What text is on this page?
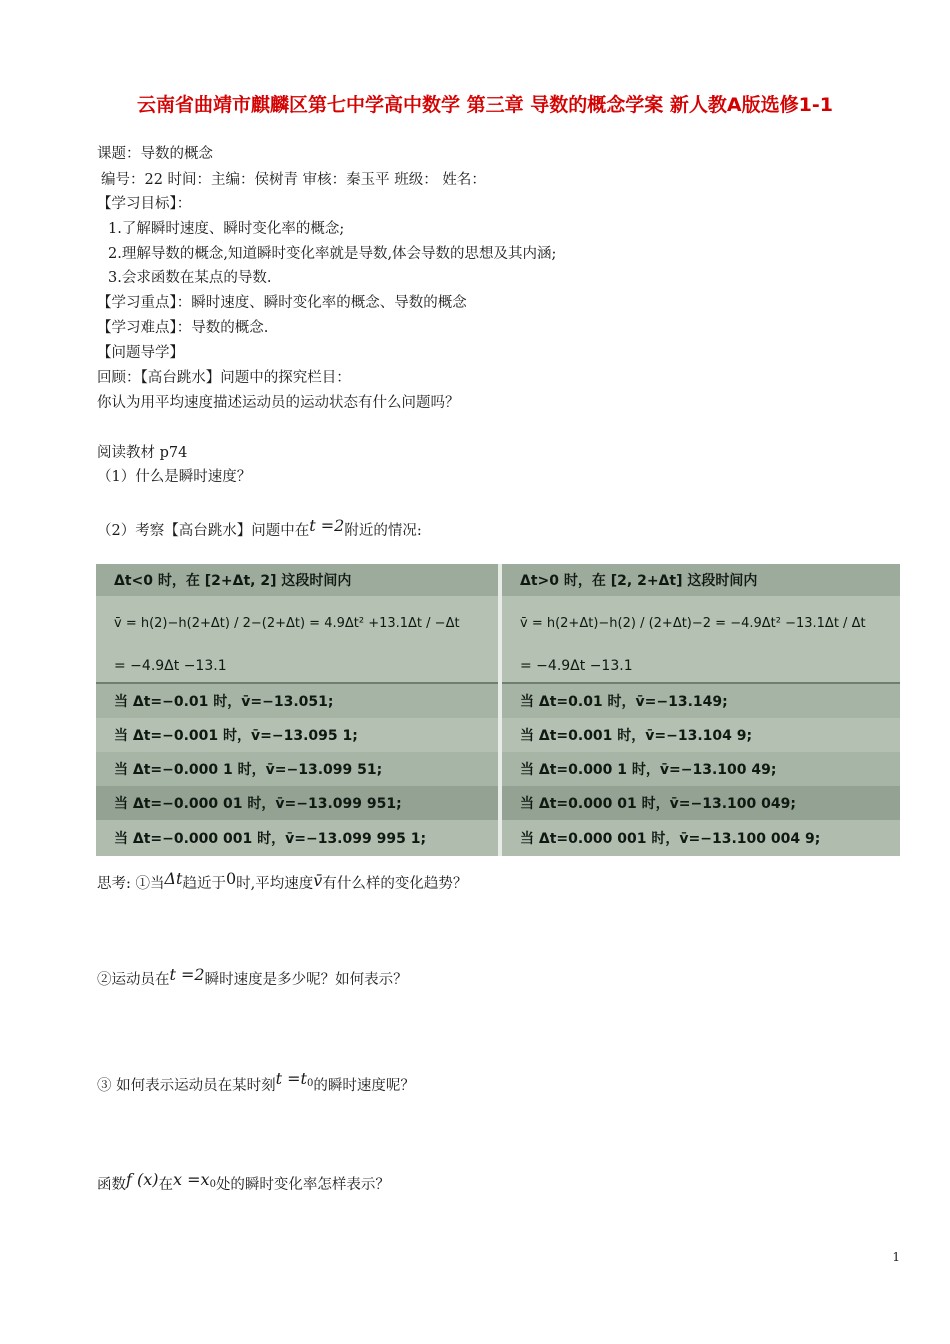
云南省曲靖市麒麟区第七中学高中数学 第三章 导数的概念学案 新人教A版选修1-1
课题：导数的概念
编号：22 时间：主编：侯树青 审核：秦玉平 班级： 姓名：
【学习目标】：
1.了解瞬时速度、瞬时变化率的概念;
2.理解导数的概念,知道瞬时变化率就是导数,体会导数的思想及其内涵;
3.会求函数在某点的导数.
【学习重点】：瞬时速度、瞬时变化率的概念、导数的概念
【学习难点】：导数的概念.
【问题导学】
回顾：【高台跳水】问题中的探究栏目：
你认为用平均速度描述运动员的运动状态有什么问题吗？
阅读教材 p74
（1）什么是瞬时速度？
（2）考察【高台跳水】问题中在t =2附近的情况:
Δt<0 时，在 [2+Δt, 2] 这段时间内
v̄ = h(2)−h(2+Δt) / 2−(2+Δt) = 4.9Δt² +13.1Δt / −Δt
= −4.9Δt −13.1
当 Δt=−0.01 时，v̄=−13.051;
当 Δt=−0.001 时，v̄=−13.095 1;
当 Δt=−0.000 1 时，v̄=−13.099 51;
当 Δt=−0.000 01 时，v̄=−13.099 951;
当 Δt=−0.000 001 时，v̄=−13.099 995 1;
Δt>0 时，在 [2, 2+Δt] 这段时间内
v̄ = h(2+Δt)−h(2) / (2+Δt)−2 = −4.9Δt² −13.1Δt / Δt
= −4.9Δt −13.1
当 Δt=0.01 时，v̄=−13.149;
当 Δt=0.001 时，v̄=−13.104 9;
当 Δt=0.000 1 时，v̄=−13.100 49;
当 Δt=0.000 01 时，v̄=−13.100 049;
当 Δt=0.000 001 时，v̄=−13.100 004 9;
思考: ①当Δt趋近于0时,平均速度v̄有什么样的变化趋势？
②运动员在t =2瞬时速度是多少呢？如何表示？
③ 如何表示运动员在某时刻$t =t_0$的瞬时速度呢？
函数f (x)在$x =x_0$处的瞬时变化率怎样表示？
1
